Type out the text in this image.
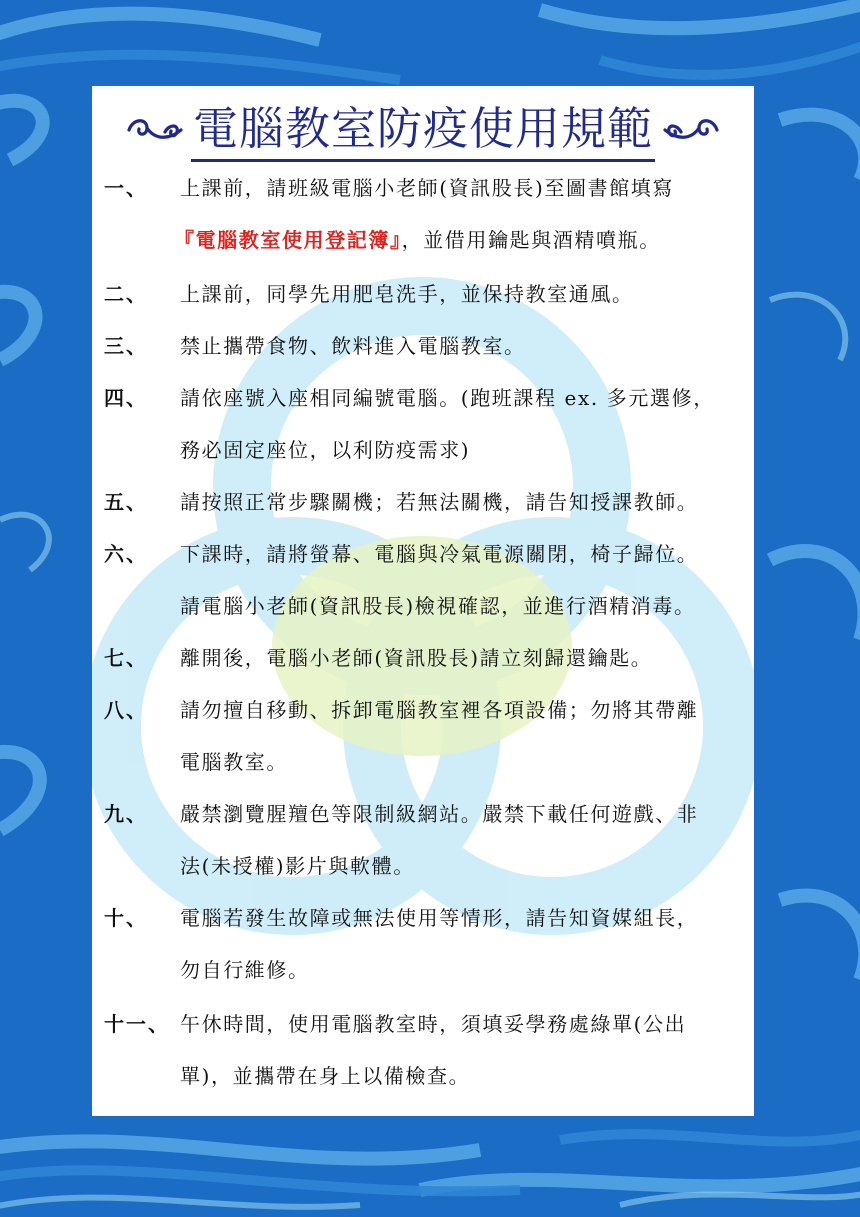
電腦教室防疫使用規範
一、 上課前，請班級電腦小老師(資訊股長)至圖書館填寫
『電腦教室使用登記簿』，並借用鑰匙與酒精噴瓶。
二、 上課前，同學先用肥皂洗手，並保持教室通風。
三、 禁止攜帶食物、飲料進入電腦教室。
四、 請依座號入座相同編號電腦。(跑班課程 ex. 多元選修，
務必固定座位，以利防疫需求)
五、 請按照正常步驟關機；若無法關機，請告知授課教師。
六、 下課時，請將螢幕、電腦與冷氣電源關閉，椅子歸位。
請電腦小老師(資訊股長)檢視確認，並進行酒精消毒。
七、 離開後，電腦小老師(資訊股長)請立刻歸還鑰匙。
八、 請勿擅自移動、拆卸電腦教室裡各項設備；勿將其帶離
電腦教室。
九、 嚴禁瀏覽腥羶色等限制級網站。嚴禁下載任何遊戲、非
法(未授權)影片與軟體。
十、 電腦若發生故障或無法使用等情形，請告知資媒組長，
勿自行維修。
十一、 午休時間，使用電腦教室時，須填妥學務處綠單(公出
單)，並攜帶在身上以備檢查。
